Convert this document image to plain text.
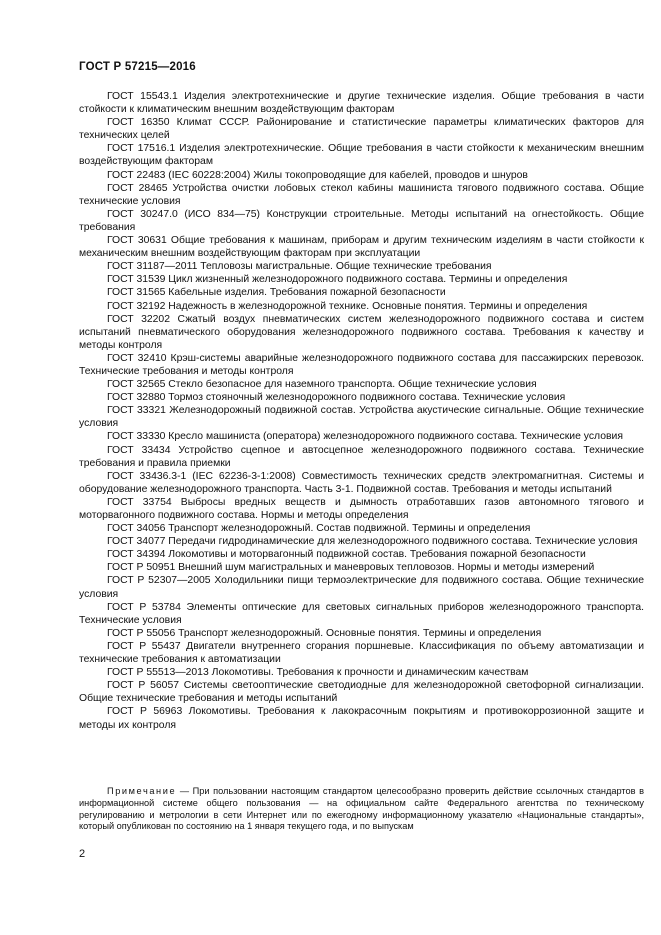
ГОСТ Р 57215—2016
ГОСТ 15543.1 Изделия электротехнические и другие технические изделия. Общие требования в части стойкости к климатическим внешним воздействующим факторам
ГОСТ 16350 Климат СССР. Районирование и статистические параметры климатических факторов для технических целей
ГОСТ 17516.1 Изделия электротехнические. Общие требования в части стойкости к механическим внешним воздействующим факторам
ГОСТ 22483 (IEC 60228:2004) Жилы токопроводящие для кабелей, проводов и шнуров
ГОСТ 28465 Устройства очистки лобовых стекол кабины машиниста тягового подвижного состава. Общие технические условия
ГОСТ 30247.0 (ИСО 834—75) Конструкции строительные. Методы испытаний на огнестойкость. Общие требования
ГОСТ 30631 Общие требования к машинам, приборам и другим техническим изделиям в части стойкости к механическим внешним воздействующим факторам при эксплуатации
ГОСТ 31187—2011 Тепловозы магистральные. Общие технические требования
ГОСТ 31539 Цикл жизненный железнодорожного подвижного состава. Термины и определения
ГОСТ 31565 Кабельные изделия. Требования пожарной безопасности
ГОСТ 32192 Надежность в железнодорожной технике. Основные понятия. Термины и определения
ГОСТ 32202 Сжатый воздух пневматических систем железнодорожного подвижного состава и систем испытаний пневматического оборудования железнодорожного подвижного состава. Требования к качеству и методы контроля
ГОСТ 32410 Крэш-системы аварийные железнодорожного подвижного состава для пассажирских перевозок. Технические требования и методы контроля
ГОСТ 32565 Стекло безопасное для наземного транспорта. Общие технические условия
ГОСТ 32880 Тормоз стояночный железнодорожного подвижного состава. Технические условия
ГОСТ 33321 Железнодорожный подвижной состав. Устройства акустические сигнальные. Общие технические условия
ГОСТ 33330 Кресло машиниста (оператора) железнодорожного подвижного состава. Технические условия
ГОСТ 33434 Устройство сцепное и автосцепное железнодорожного подвижного состава. Технические требования и правила приемки
ГОСТ 33436.3-1 (IEC 62236-3-1:2008) Совместимость технических средств электромагнитная. Системы и оборудование железнодорожного транспорта. Часть 3-1. Подвижной состав. Требования и методы испытаний
ГОСТ 33754 Выбросы вредных веществ и дымность отработавших газов автономного тягового и моторвагонного подвижного состава. Нормы и методы определения
ГОСТ 34056 Транспорт железнодорожный. Состав подвижной. Термины и определения
ГОСТ 34077 Передачи гидродинамические для железнодорожного подвижного состава. Технические условия
ГОСТ 34394 Локомотивы и моторвагонный подвижной состав. Требования пожарной безопасности
ГОСТ Р 50951 Внешний шум магистральных и маневровых тепловозов. Нормы и методы измерений
ГОСТ Р 52307—2005 Холодильники пищи термоэлектрические для подвижного состава. Общие технические условия
ГОСТ Р 53784 Элементы оптические для световых сигнальных приборов железнодорожного транспорта. Технические условия
ГОСТ Р 55056 Транспорт железнодорожный. Основные понятия. Термины и определения
ГОСТ Р 55437 Двигатели внутреннего сгорания поршневые. Классификация по объему автоматизации и технические требования к автоматизации
ГОСТ Р 55513—2013 Локомотивы. Требования к прочности и динамическим качествам
ГОСТ Р 56057 Системы светооптические светодиодные для железнодорожной светофорной сигнализации. Общие технические требования и методы испытаний
ГОСТ Р 56963 Локомотивы. Требования к лакокрасочным покрытиям и противокоррозионной защите и методы их контроля
Примечание — При пользовании настоящим стандартом целесообразно проверить действие ссылочных стандартов в информационной системе общего пользования — на официальном сайте Федерального агентства по техническому регулированию и метрологии в сети Интернет или по ежегодному информационному указателю «Национальные стандарты», который опубликован по состоянию на 1 января текущего года, и по выпускам
2
